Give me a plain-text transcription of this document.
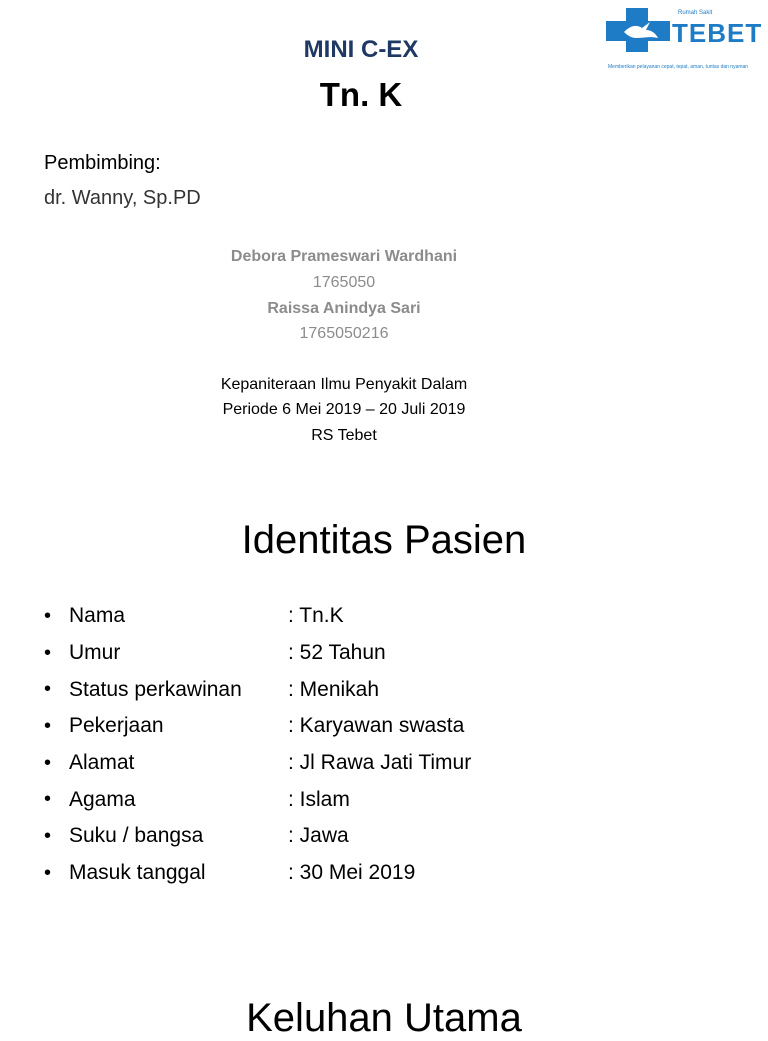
Rumah Sakit
TEBET
Memberikan pelayanan cepat, tepat, aman, tuntas dan nyaman
MINI C-EX
Tn. K
Pembimbing:
dr. Wanny, Sp.PD
Debora Prameswari Wardhani
1765050
Raissa Anindya Sari
1765050216
Kepaniteraan Ilmu Penyakit Dalam
Periode 6 Mei 2019 – 20 Juli 2019
RS Tebet
Identitas Pasien
• Nama	: Tn.K
• Umur	: 52 Tahun
• Status perkawinan	: Menikah
• Pekerjaan	: Karyawan swasta
• Alamat	: Jl Rawa Jati Timur
• Agama	: Islam
• Suku / bangsa	: Jawa
• Masuk tanggal	: 30 Mei 2019
Keluhan Utama
